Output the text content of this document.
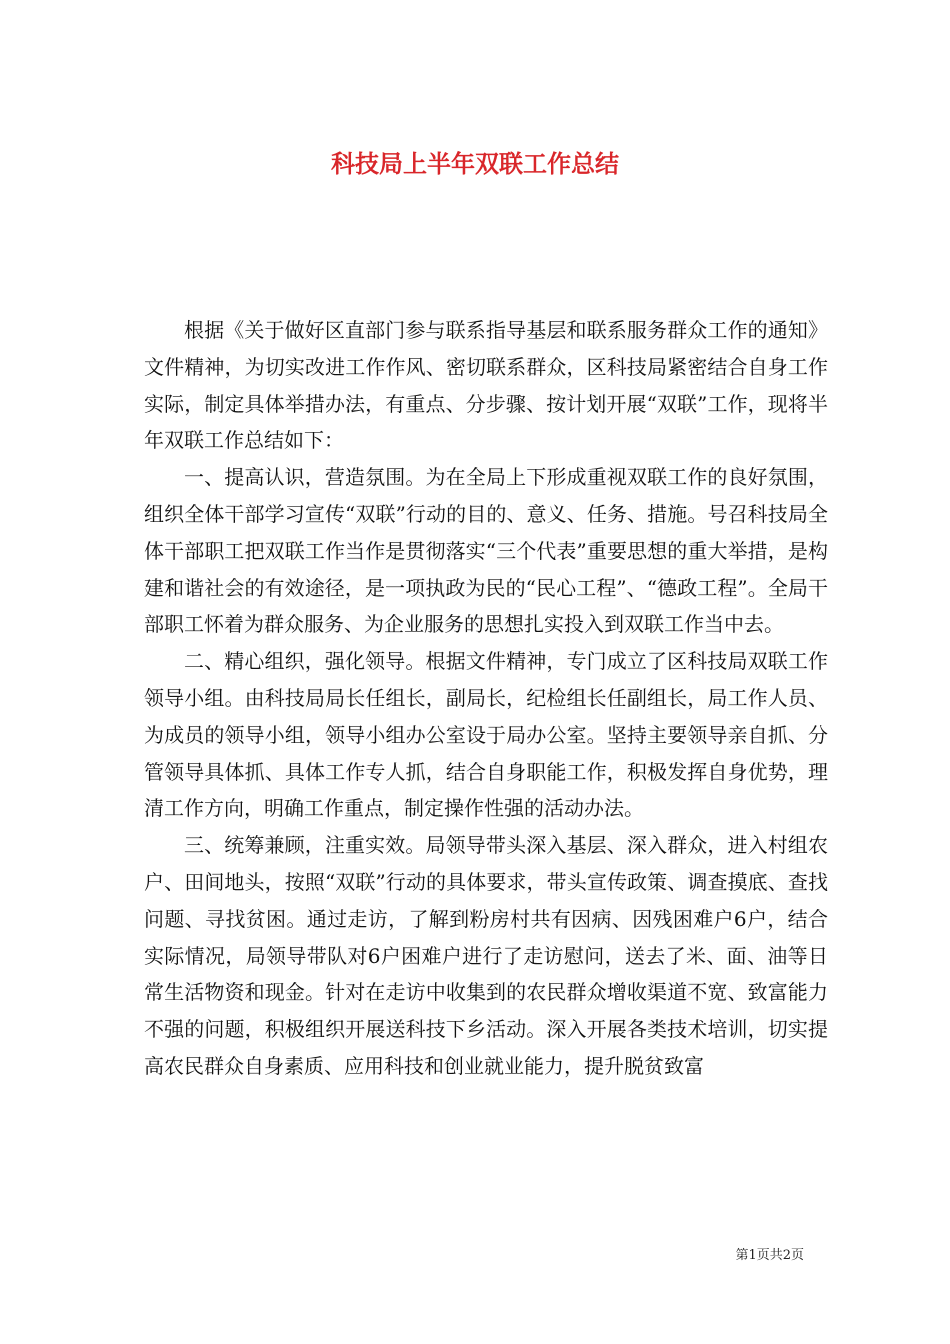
科技局上半年双联工作总结

根据《关于做好区直部门参与联系指导基层和联系服务群众工作的通知》文件精神，为切实改进工作作风、密切联系群众，区科技局紧密结合自身工作实际，制定具体举措办法，有重点、分步骤、按计划开展“双联”工作，现将半年双联工作总结如下：

一、提高认识，营造氛围。为在全局上下形成重视双联工作的良好氛围，组织全体干部学习宣传“双联”行动的目的、意义、任务、措施。号召科技局全体干部职工把双联工作当作是贯彻落实“三个代表”重要思想的重大举措，是构建和谐社会的有效途径，是一项执政为民的“民心工程”、“德政工程”。全局干部职工怀着为群众服务、为企业服务的思想扎实投入到双联工作当中去。

二、精心组织，强化领导。根据文件精神，专门成立了区科技局双联工作领导小组。由科技局局长任组长，副局长，纪检组长任副组长，局工作人员、为成员的领导小组，领导小组办公室设于局办公室。坚持主要领导亲自抓、分管领导具体抓、具体工作专人抓，结合自身职能工作，积极发挥自身优势，理清工作方向，明确工作重点，制定操作性强的活动办法。

三、统筹兼顾，注重实效。局领导带头深入基层、深入群众，进入村组农户、田间地头，按照“双联”行动的具体要求，带头宣传政策、调查摸底、查找问题、寻找贫困。通过走访，了解到粉房村共有因病、因残困难户6户，结合实际情况，局领导带队对6户困难户进行了走访慰问，送去了米、面、油等日常生活物资和现金。针对在走访中收集到的农民群众增收渠道不宽、致富能力不强的问题，积极组织开展送科技下乡活动。深入开展各类技术培训，切实提高农民群众自身素质、应用科技和创业就业能力，提升脱贫致富

第1页共2页
